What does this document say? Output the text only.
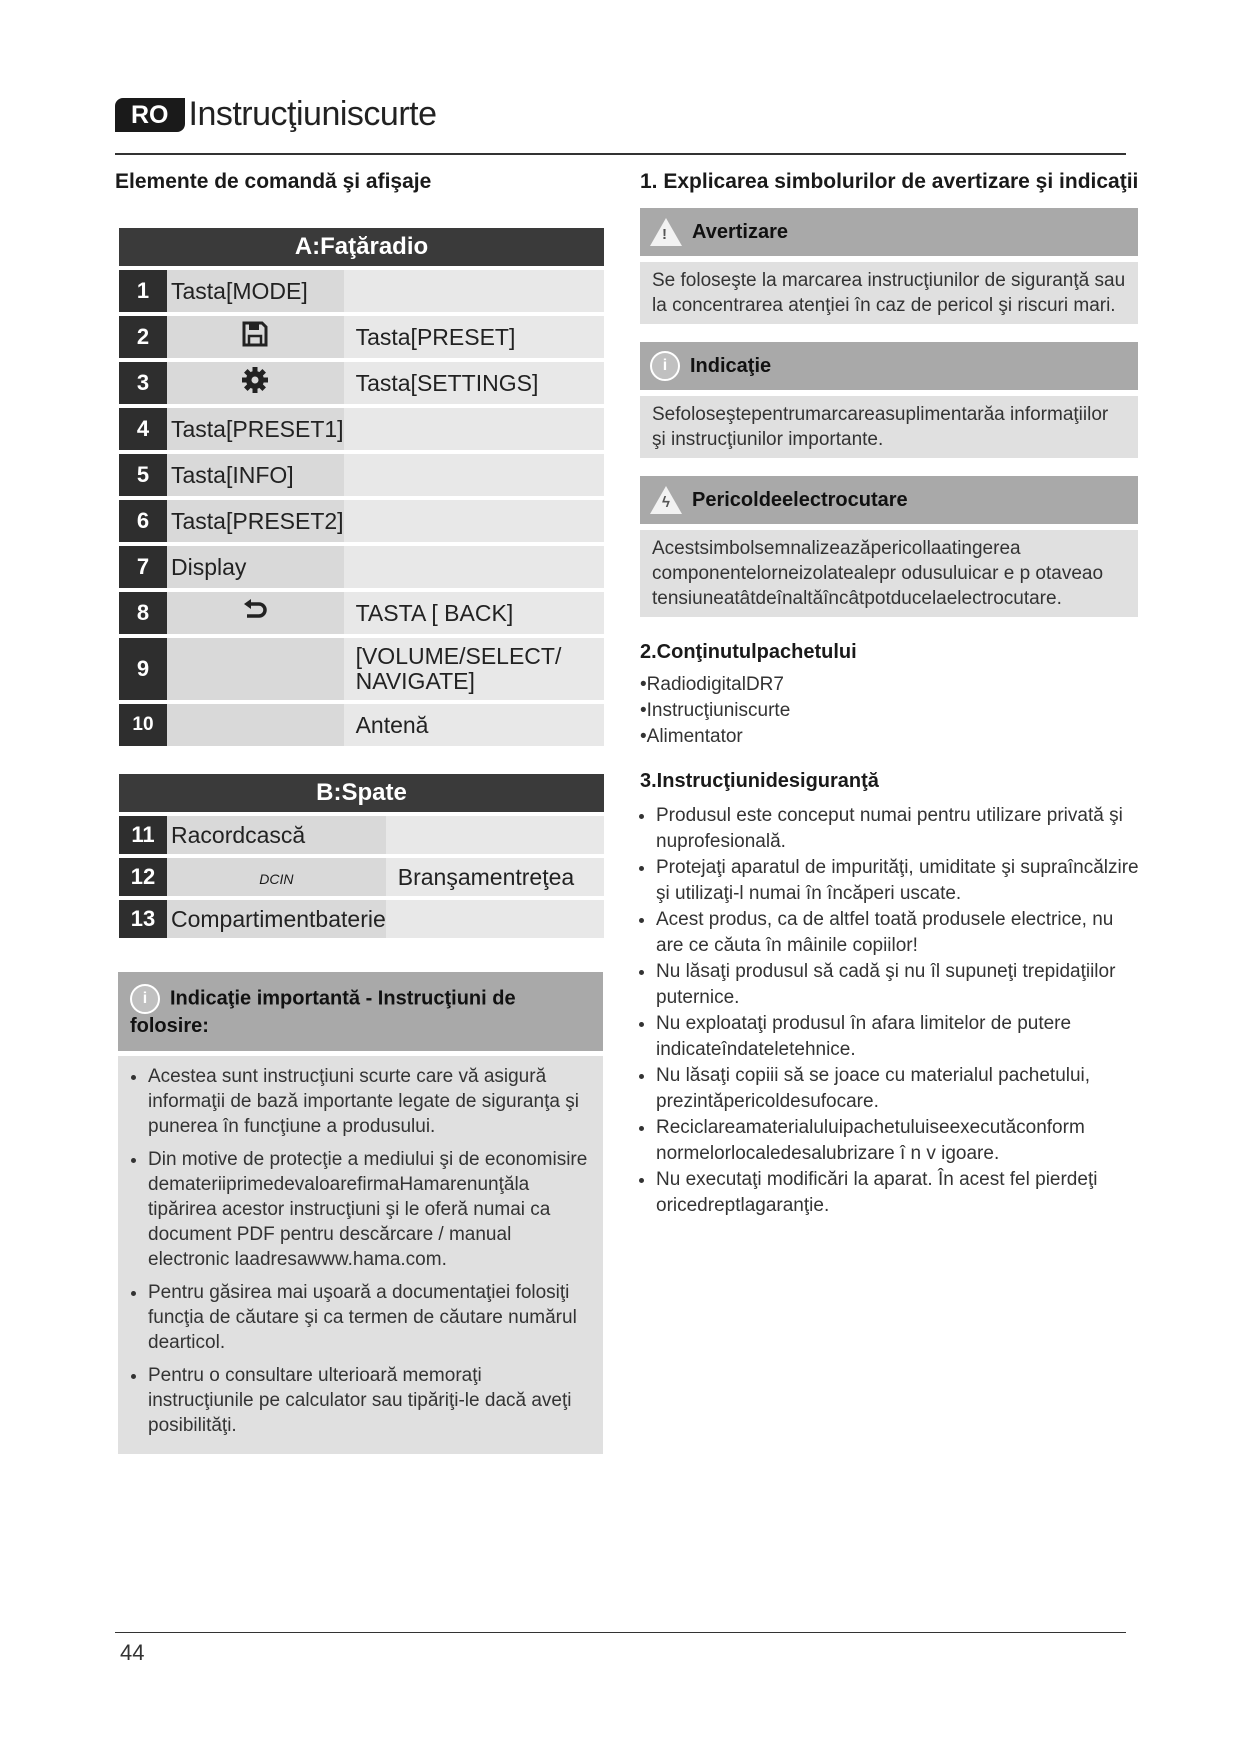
RO Instrucţiuniscurte
Elemente de comandă şi afişaje
A:Faţăradio		
1	Tasta[MODE]	
2		Tasta[PRESET]
3		Tasta[SETTINGS]
4	Tasta[PRESET1]	
5	Tasta[INFO]	
6	Tasta[PRESET2]	
7	Display	
8		TASTA [ BACK]
9		[VOLUME/SELECT/
NAVIGATE]
10		Antenă
B:Spate		
11	Racordcască	
12	DCIN	Branşamentreţea
13	Compartimentbaterie	
i Indicaţie importantă - Instrucţiuni de folosire:
• Acestea sunt instrucţiuni scurte care vă asigură informaţii de bază importante legate de siguranţa şi punerea în funcţiune a produsului.
• Din motive de protecţie a mediului şi de economisire demateriiprimedevaloarefirmaHamarenunţăla tipărirea acestor instrucţiuni şi le oferă numai ca document PDF pentru descărcare / manual electronic laadresawww.hama.com.
• Pentru găsirea mai uşoară a documentaţiei folosiţi funcţia de căutare şi ca termen de căutare numărul dearticol.
• Pentru o consultare ulterioară memoraţi instrucţiunile pe calculator sau tipăriţi-le dacă aveţi posibilităţi.
1. Explicarea simbolurilor de avertizare şi indicaţii
! Avertizare
Se foloseşte la marcarea instrucţiunilor de siguranţă sau la concentrarea atenţiei în caz de pericol şi riscuri mari.
i	Indicaţie
Sefoloseştepentrumarcareasuplimentarăa informaţiilor şi instrucţiunilor importante.
ϟ Pericoldeelectrocutare
Acestsimbolsemnalizeazăpericollaatingerea componentelorneizolatealepr odusuluicar e p otaveao tensiuneatâtdeînaltăîncâtpotducelaelectrocutare.
2.Conţinutulpachetului
•RadiodigitalDR7
•Instrucţiuniscurte
•Alimentator
3.Instrucţiunidesiguranţă
• Produsul este conceput numai pentru utilizare privată şi nuprofesională.
• Protejaţi aparatul de impurităţi, umiditate şi supraîncălzire şi utilizaţi-l numai în încăperi uscate.
• Acest produs, ca de altfel toată produsele electrice, nu are ce căuta în mâinile copiilor!
• Nu lăsaţi produsul să cadă şi nu îl supuneţi trepidaţiilor puternice.
• Nu exploataţi produsul în afara limitelor de putere indicateîndateletehnice.
• Nu lăsaţi copiii să se joace cu materialul pachetului, prezintăpericoldesufocare.
• Reciclareamaterialuluipachetuluiseexecutăconform normelorlocaledesalubrizare î n v igoare.
• Nu executaţi modificări la aparat. În acest fel pierdeţi oricedreptlagaranţie.
44
